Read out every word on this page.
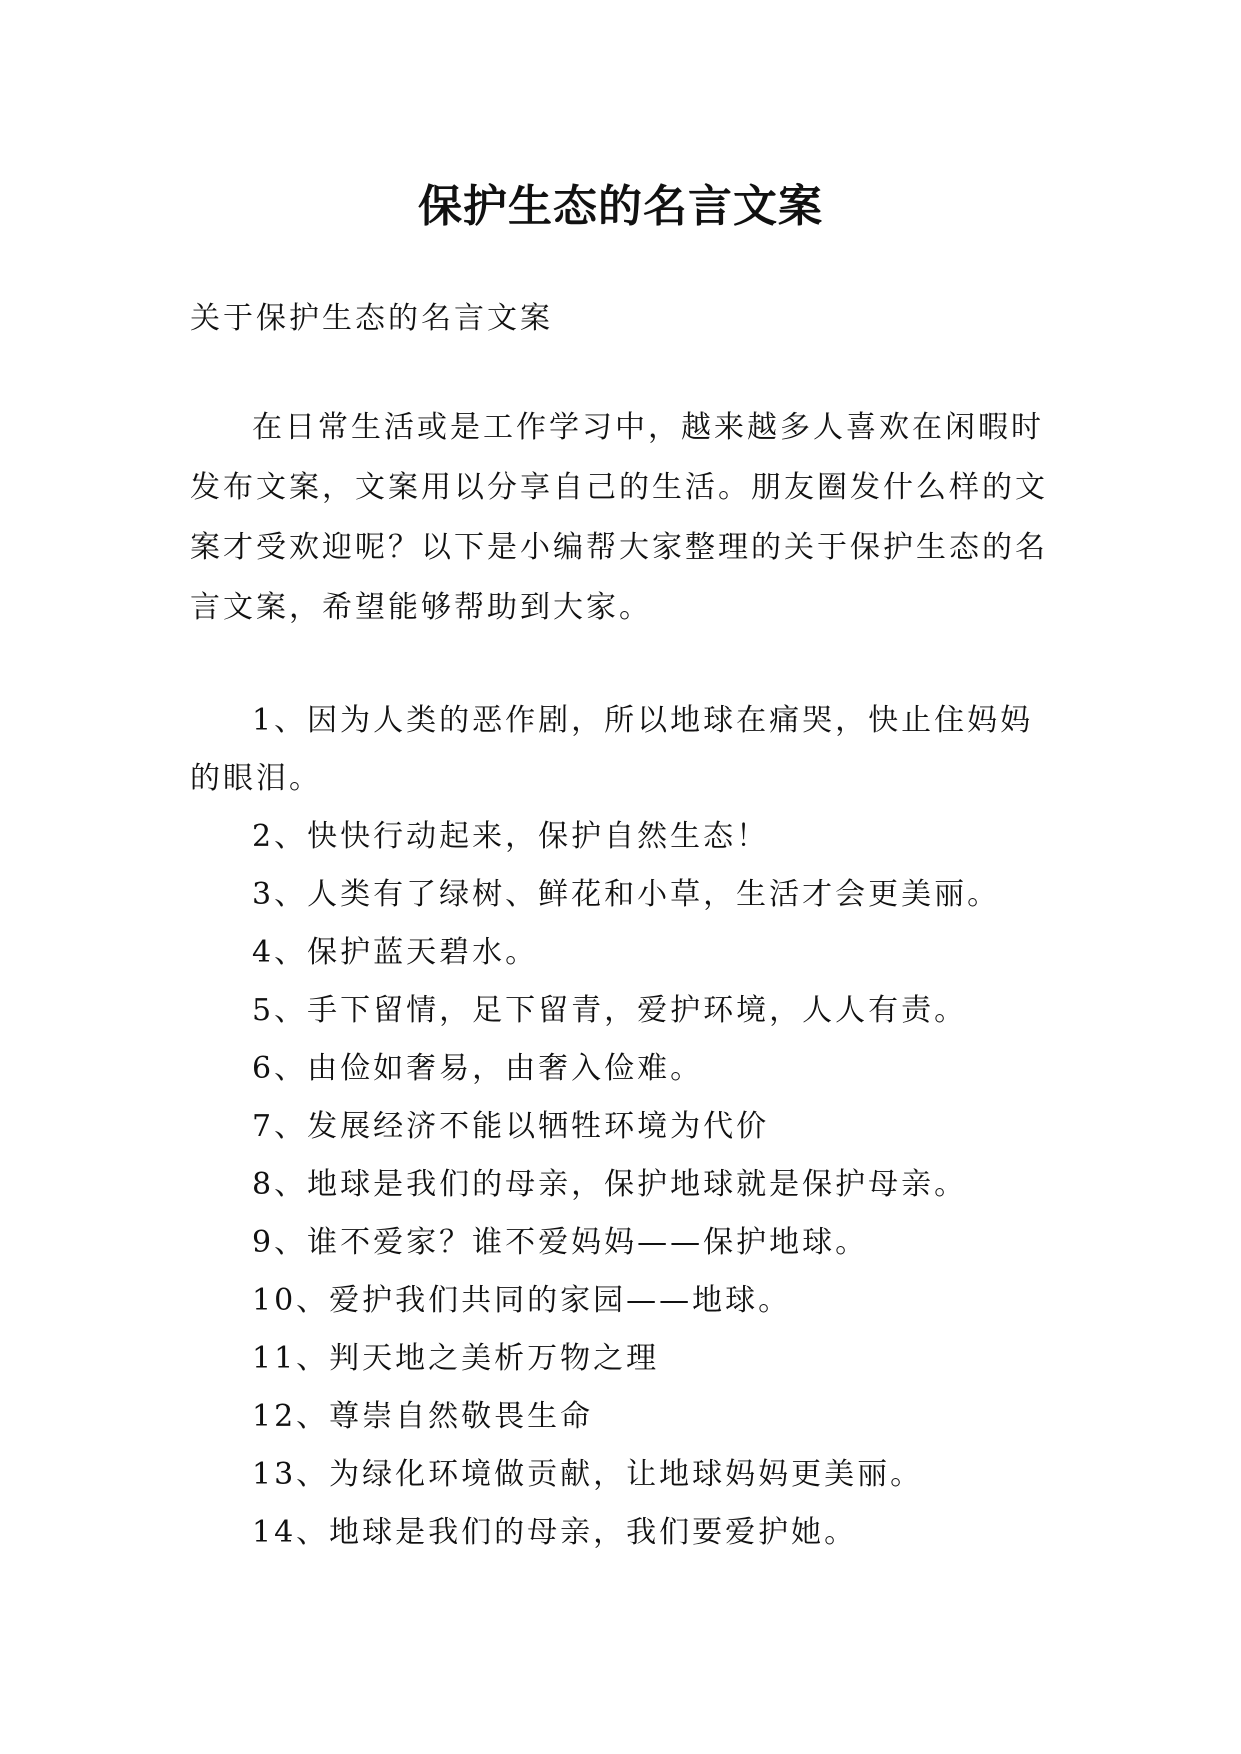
保护生态的名言文案

关于保护生态的名言文案

在日常生活或是工作学习中，越来越多人喜欢在闲暇时发布文案，文案用以分享自己的生活。朋友圈发什么样的文案才受欢迎呢？以下是小编帮大家整理的关于保护生态的名言文案，希望能够帮助到大家。

1、因为人类的恶作剧，所以地球在痛哭，快止住妈妈的眼泪。
2、快快行动起来，保护自然生态！
3、人类有了绿树、鲜花和小草，生活才会更美丽。
4、保护蓝天碧水。
5、手下留情，足下留青，爱护环境，人人有责。
6、由俭如奢易，由奢入俭难。
7、发展经济不能以牺牲环境为代价
8、地球是我们的母亲，保护地球就是保护母亲。
9、谁不爱家？谁不爱妈妈——保护地球。
10、爱护我们共同的家园——地球。
11、判天地之美析万物之理
12、尊崇自然敬畏生命
13、为绿化环境做贡献，让地球妈妈更美丽。
14、地球是我们的母亲，我们要爱护她。
